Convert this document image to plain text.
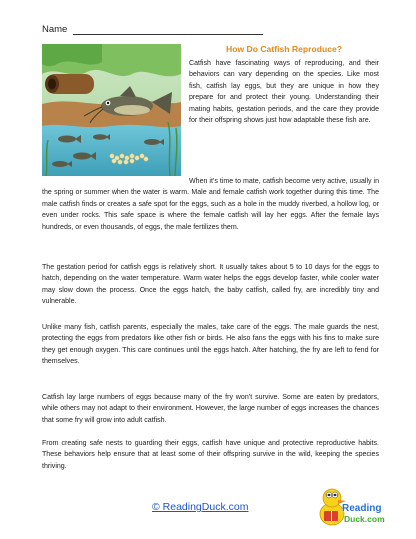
Name
How Do Catfish Reproduce?

Catfish have fascinating ways of reproducing, and their behaviors can vary depending on the species. Like most fish, catfish lay eggs, but they are unique in how they prepare for and protect their young. Understanding their mating habits, gestation periods, and the care they provide for their offspring shows just how adaptable these fish are.

When it’s time to mate, catfish become very active, usually in the spring or summer when the water is warm. Male and female catfish work together during this time. The male catfish finds or creates a safe spot for the eggs, such as a hole in the muddy riverbed, a hollow log, or even under rocks. This safe space is where the female catfish will lay her eggs. After the female lays hundreds, or even thousands, of eggs, the male fertilizes them.

The gestation period for catfish eggs is relatively short. It usually takes about 5 to 10 days for the eggs to hatch, depending on the water temperature. Warm water helps the eggs develop faster, while cooler water may slow down the process. Once the eggs hatch, the baby catfish, called fry, are incredibly tiny and vulnerable.

Unlike many fish, catfish parents, especially the males, take care of the eggs. The male guards the nest, protecting the eggs from predators like other fish or birds. He also fans the eggs with his fins to make sure they get enough oxygen. This care continues until the eggs hatch. After hatching, the fry are left to fend for themselves.

Catfish lay large numbers of eggs because many of the fry won’t survive. Some are eaten by predators, while others may not adapt to their environment. However, the large number of eggs increases the chances that some fry will grow into adult catfish.

From creating safe nests to guarding their eggs, catfish have unique and protective reproductive habits. These behaviors help ensure that at least some of their offspring survive in the wild, keeping the species thriving.

© ReadingDuck.com	Reading
Duck.com
